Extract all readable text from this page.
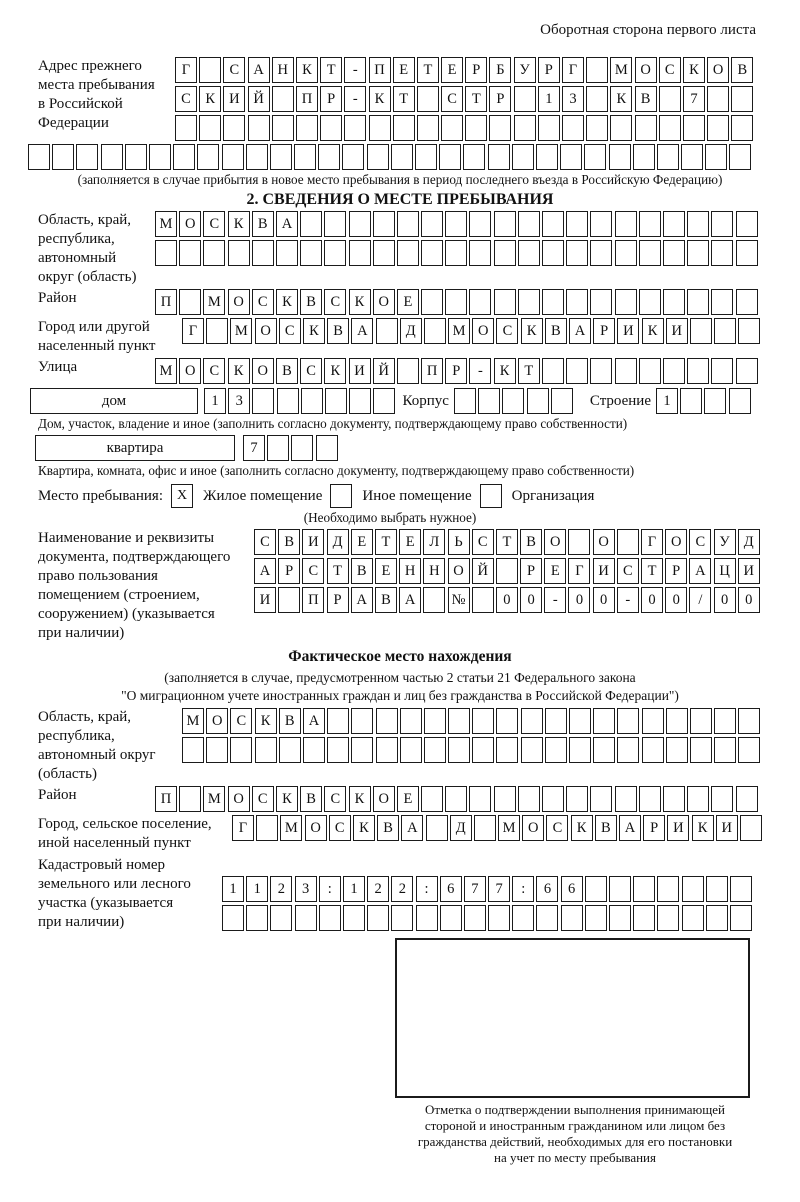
Оборотная сторона первого листа
Адрес прежнего
места пребывания
в Российской
Федерации
Г	С А Н К	Т	-	П	Е	Т	Е	Р	Б	У	Р	Г	М О С	К О В
С	К И Й	П	Р	-	К	Т	С	Т	Р	1	3	К	В	7
(заполняется в случае прибытия в новое место пребывания в период последнего въезда в Российскую Федерацию)
2. СВЕДЕНИЯ О МЕСТЕ ПРЕБЫВАНИЯ
Область, край,
республика,
автономный
округ (область)
М О С	К	В А
Район	П	М О С	К	В	С	К О	Е
Город или другой
населенный пункт
Г	М О С	К	В А	Д	М О С	К	В А	Р	И К И
Улица	М О С	К О В	С	К И Й	П	Р	-	К	Т
дом	1	3	Корпус	Строение 1
Дом, участок, владение и иное (заполнить согласно документу, подтверждающему право собственности)
квартира	7
Квартира, комната, офис и иное (заполнить согласно документу, подтверждающему право собственности)
Место пребывания: X	Жилое помещение	Иное помещение	Организация
(Необходимо выбрать нужное)
Наименование и реквизиты
документа, подтверждающего
право пользования
помещением (строением,
сооружением) (указывается
при наличии)
С	В И Д	Е	Т	Е	Л	Ь	С	Т	В О	О	Г	О С У Д
А	Р	С	Т	В	Е	Н Н О Й	Р	Е	Г	И С	Т	Р	А Ц И
И	П	Р	А В А	№	0	0	-	0	0	-	0	0	/	0	0
Фактическое место нахождения
(заполняется в случае, предусмотренном частью 2 статьи 21 Федерального закона
"О миграционном учете иностранных граждан и лиц без гражданства в Российской Федерации")
Область, край,
республика,
автономный округ
(область)
М О С	К	В А
Район	П	М О С	К	В	С	К О	Е
Город, сельское поселение,
иной населенный пункт
Г	М О С	К	В А	Д	М О С	К	В А	Р	И К И
Кадастровый номер
земельного или лесного
участка (указывается
при наличии)
1	1	2	3	:	1	2	2	:	6	7	7	:	6	6
Отметка о подтверждении выполнения принимающей
стороной и иностранным гражданином или лицом без
гражданства действий, необходимых для его постановки
на учет по месту пребывания
